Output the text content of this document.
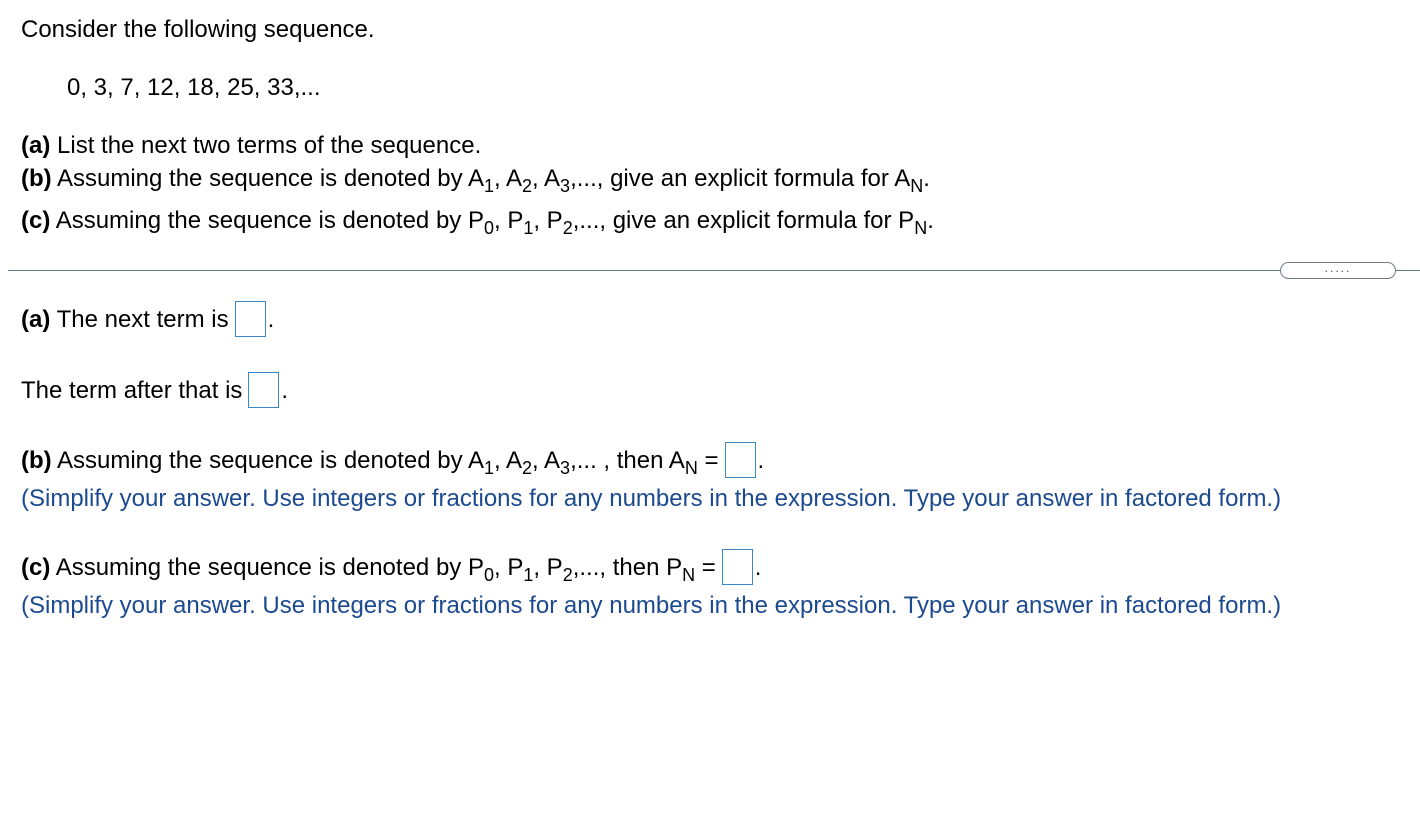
Consider the following sequence.
0, 3, 7, 12, 18, 25, 33,...
(a) List the next two terms of the sequence.
(b) Assuming the sequence is denoted by $A_1$, $A_2$, $A_3$,..., give an explicit formula for $A_N$.
(c) Assuming the sequence is denoted by $P_0$, $P_1$, $P_2$,..., give an explicit formula for $P_N$.
.....
(a) The next term is .
The term after that is .
(b) Assuming the sequence is denoted by $A_1$, $A_2$, $A_3$,... , then $A_N$ = .
(Simplify your answer. Use integers or fractions for any numbers in the expression. Type your answer in factored form.)
(c) Assuming the sequence is denoted by $P_0$, $P_1$, $P_2$,..., then $P_N$ = .
(Simplify your answer. Use integers or fractions for any numbers in the expression. Type your answer in factored form.)
